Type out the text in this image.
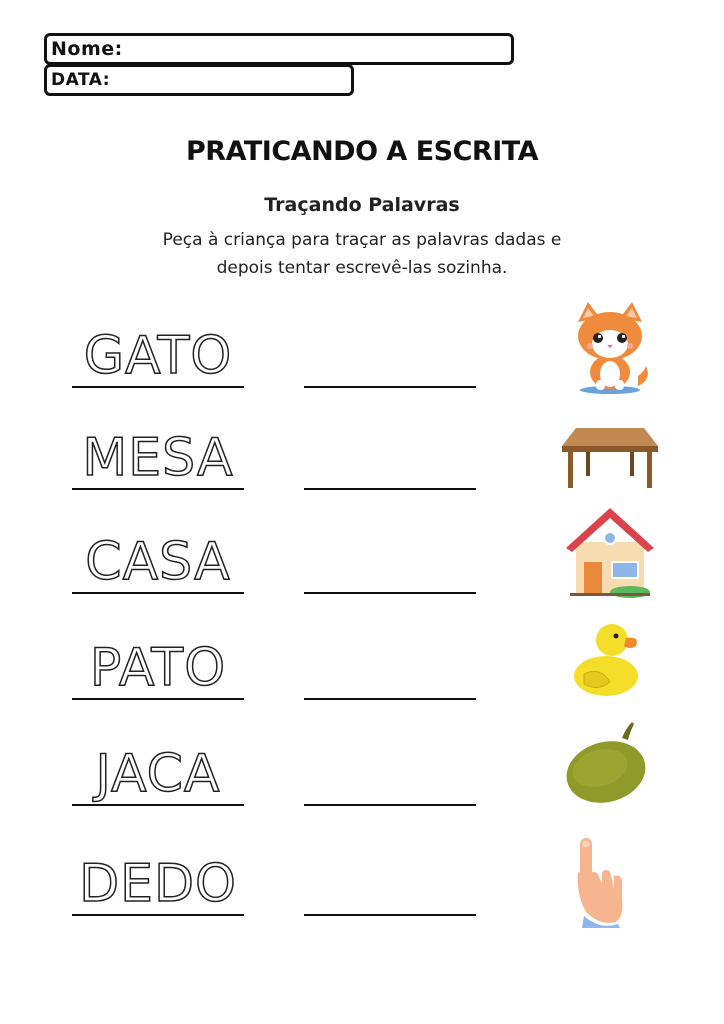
Nome:
DATA:
PRATICANDO A ESCRITA
Traçando Palavras
Peça à criança para traçar as palavras dadas e
depois tentar escrevê-las sozinha.
GATO
MESA
CASA
PATO
JACA
DEDO
